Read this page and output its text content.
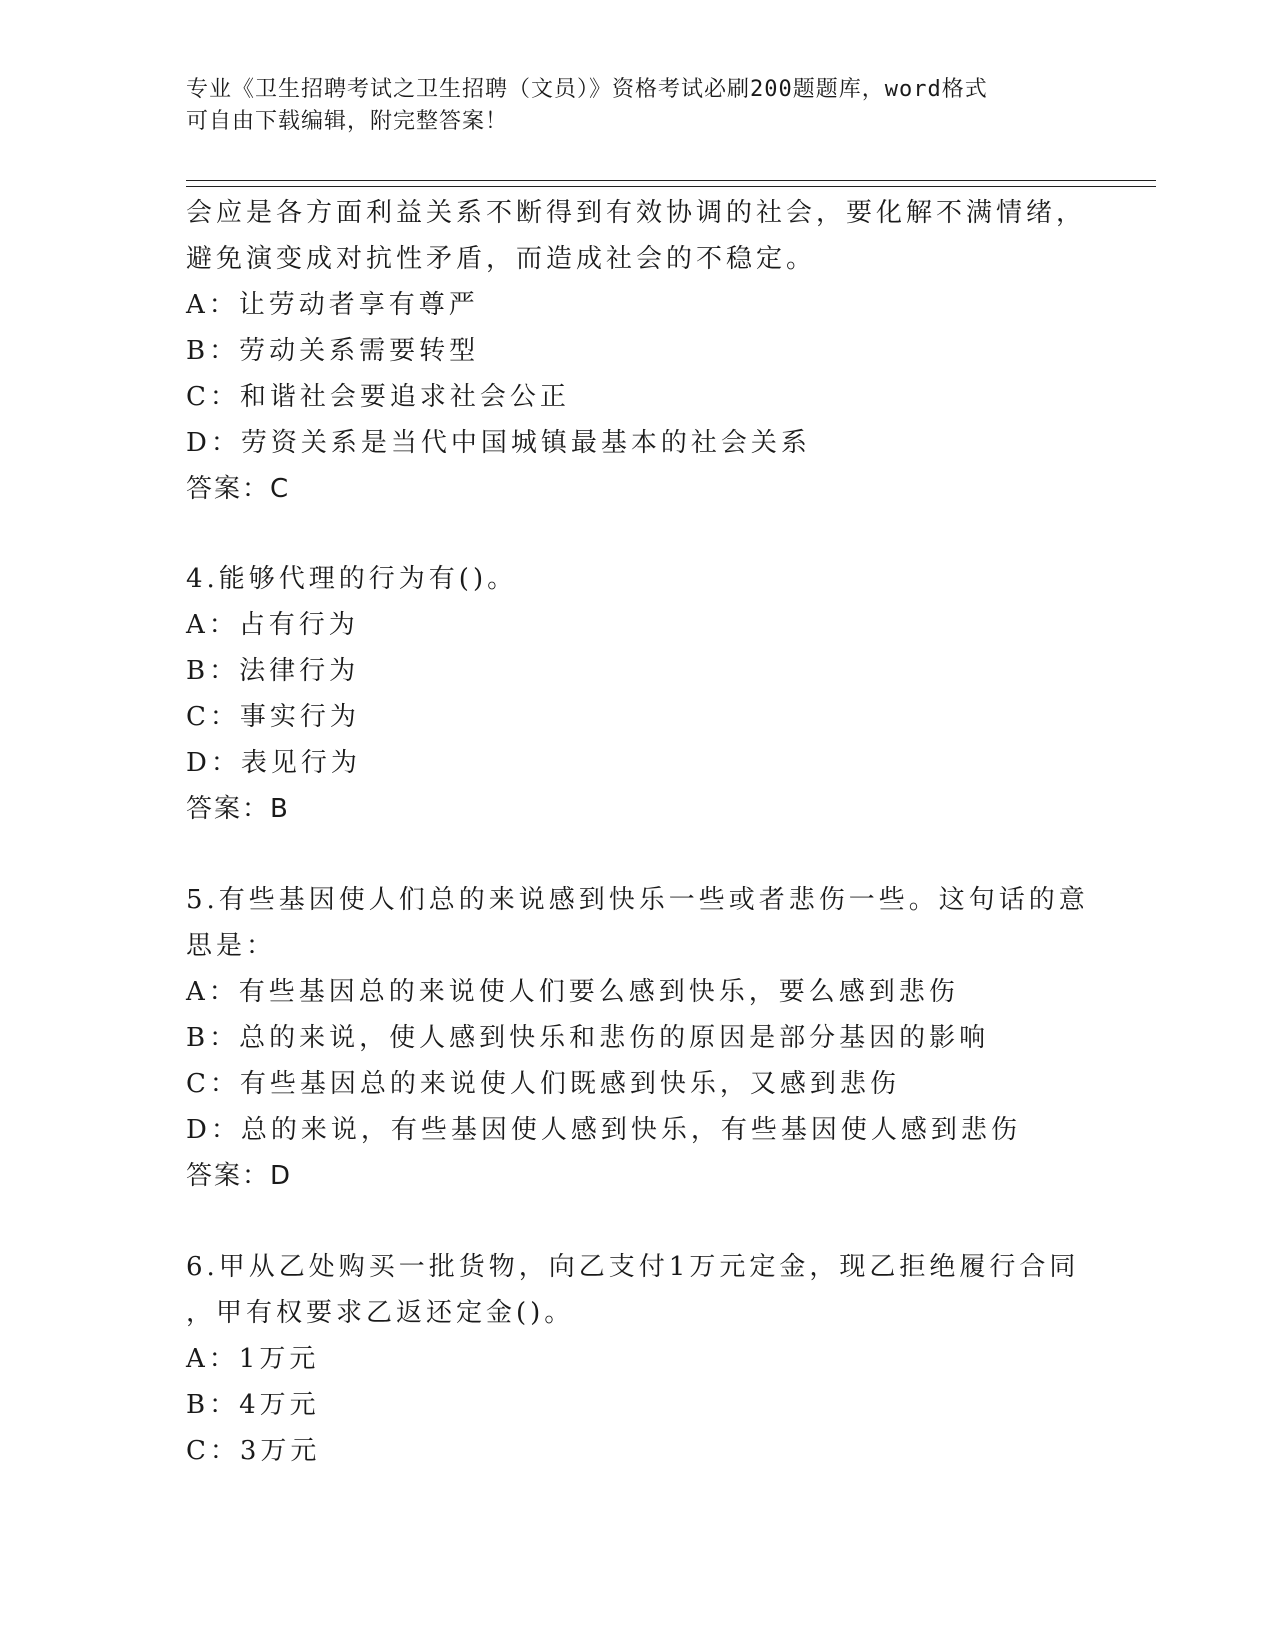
专业《卫生招聘考试之卫生招聘（文员）》资格考试必刷200题题库，word格式
可自由下载编辑，附完整答案！
会应是各方面利益关系不断得到有效协调的社会，要化解不满情绪，
避免演变成对抗性矛盾，而造成社会的不稳定。
A：让劳动者享有尊严
B：劳动关系需要转型
C：和谐社会要追求社会公正
D：劳资关系是当代中国城镇最基本的社会关系
答案：C
4.能够代理的行为有()。
A：占有行为
B：法律行为
C：事实行为
D：表见行为
答案：B
5.有些基因使人们总的来说感到快乐一些或者悲伤一些。这句话的意
思是：
A：有些基因总的来说使人们要么感到快乐，要么感到悲伤
B：总的来说，使人感到快乐和悲伤的原因是部分基因的影响
C：有些基因总的来说使人们既感到快乐，又感到悲伤
D：总的来说，有些基因使人感到快乐，有些基因使人感到悲伤
答案：D
6.甲从乙处购买一批货物，向乙支付1万元定金，现乙拒绝履行合同
，甲有权要求乙返还定金()。
A：1万元
B：4万元
C：3万元
